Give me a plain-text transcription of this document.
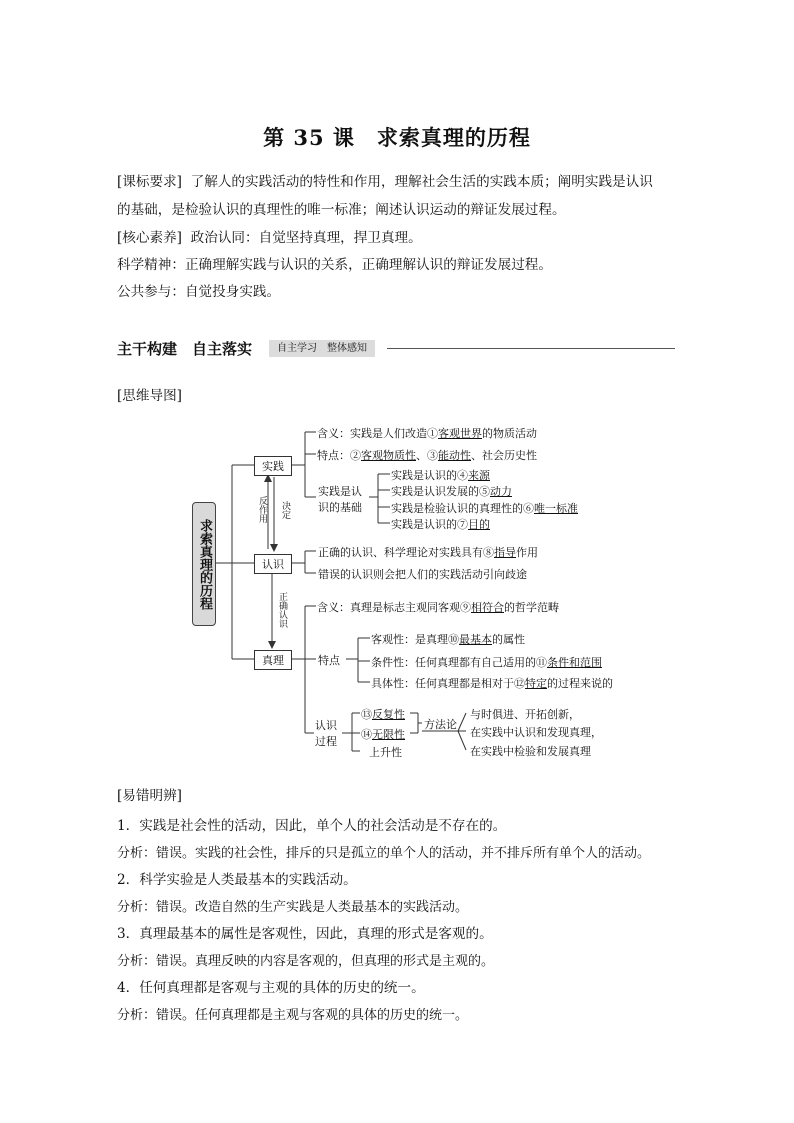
第 35 课　求索真理的历程
[课标要求] 了解人的实践活动的特性和作用，理解社会生活的实践本质；阐明实践是认识
的基础，是检验认识的真理性的唯一标准；阐述认识运动的辩证发展过程。
[核心素养] 政治认同：自觉坚持真理，捍卫真理。
科学精神：正确理解实践与认识的关系，正确理解认识的辩证发展过程。
公共参与：自觉投身实践。
主干构建　自主落实	自主学习　整体感知
[思维导图]
求索真理的历程
实践
认识
真理
反作用 决定
正确认识
含义：实践是人们改造①客观世界的物质活动
特点：②客观物质性、③能动性、社会历史性
实践是认
识的基础
实践是认识的④来源
实践是认识发展的⑤动力
实践是检验认识的真理性的⑥唯一标准
实践是认识的⑦目的
正确的认识、科学理论对实践具有⑧指导作用
错误的认识则会把人们的实践活动引向歧途
含义：真理是标志主观同客观⑨相符合的哲学范畴
特点
客观性：是真理⑩最基本的属性
条件性：任何真理都有自己适用的⑪条件和范围
具体性：任何真理都是相对于⑫特定的过程来说的
认识
过程
⑬反复性
⑭无限性
上升性
方法论
与时俱进、开拓创新，
在实践中认识和发现真理，
在实践中检验和发展真理
[易错明辨]
1．实践是社会性的活动，因此，单个人的社会活动是不存在的。
分析：错误。实践的社会性，排斥的只是孤立的单个人的活动，并不排斥所有单个人的活动。
2．科学实验是人类最基本的实践活动。
分析：错误。改造自然的生产实践是人类最基本的实践活动。
3．真理最基本的属性是客观性，因此，真理的形式是客观的。
分析：错误。真理反映的内容是客观的，但真理的形式是主观的。
4．任何真理都是客观与主观的具体的历史的统一。
分析：错误。任何真理都是主观与客观的具体的历史的统一。
